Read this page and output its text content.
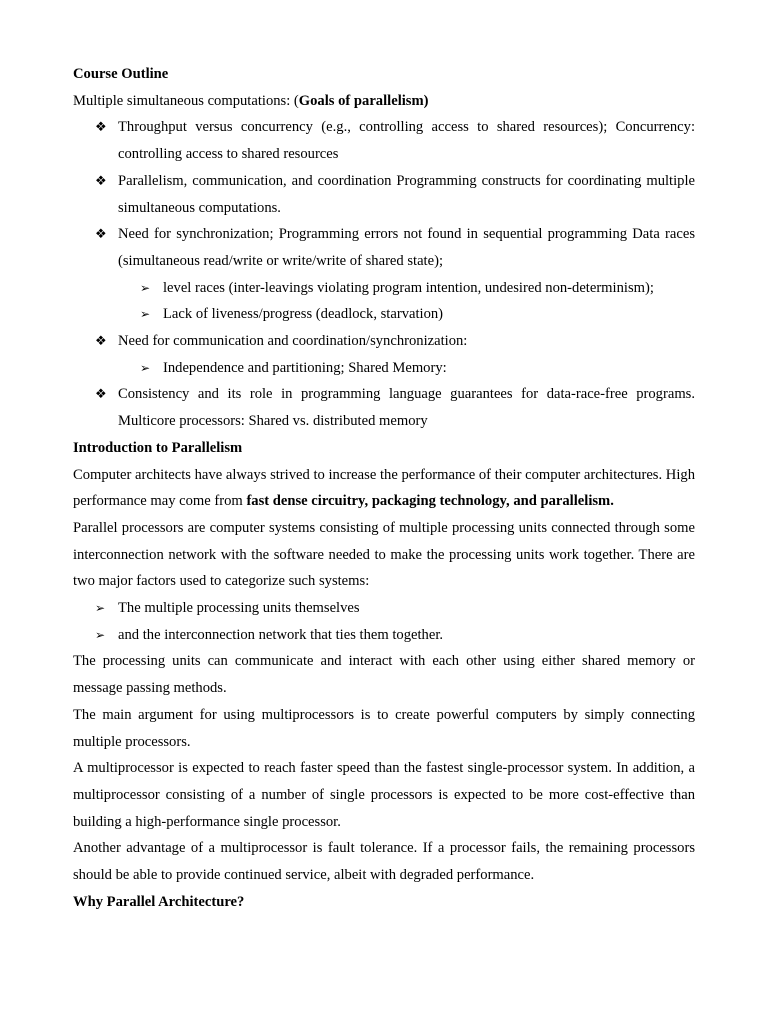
Course Outline

Multiple simultaneous computations: (Goals of parallelism)

❖ Throughput versus concurrency (e.g., controlling access to shared resources); Concurrency: controlling access to shared resources
❖ Parallelism, communication, and coordination Programming constructs for coordinating multiple simultaneous computations.
❖ Need for synchronization; Programming errors not found in sequential programming Data races (simultaneous read/write or write/write of shared state);
➢ level races (inter-leavings violating program intention, undesired non-determinism);
➢ Lack of liveness/progress (deadlock, starvation)
❖ Need for communication and coordination/synchronization:
➢ Independence and partitioning; Shared Memory:
❖ Consistency and its role in programming language guarantees for data-race-free programs. Multicore processors: Shared vs. distributed memory

Introduction to Parallelism

Computer architects have always strived to increase the performance of their computer architectures. High performance may come from fast dense circuitry, packaging technology, and parallelism.

Parallel processors are computer systems consisting of multiple processing units connected through some interconnection network with the software needed to make the processing units work together. There are two major factors used to categorize such systems:

➢ The multiple processing units themselves
➢ and the interconnection network that ties them together.

The processing units can communicate and interact with each other using either shared memory or message passing methods.

The main argument for using multiprocessors is to create powerful computers by simply connecting multiple processors.

A multiprocessor is expected to reach faster speed than the fastest single-processor system. In addition, a multiprocessor consisting of a number of single processors is expected to be more cost-effective than building a high-performance single processor.

Another advantage of a multiprocessor is fault tolerance. If a processor fails, the remaining processors should be able to provide continued service, albeit with degraded performance.

Why Parallel Architecture?
